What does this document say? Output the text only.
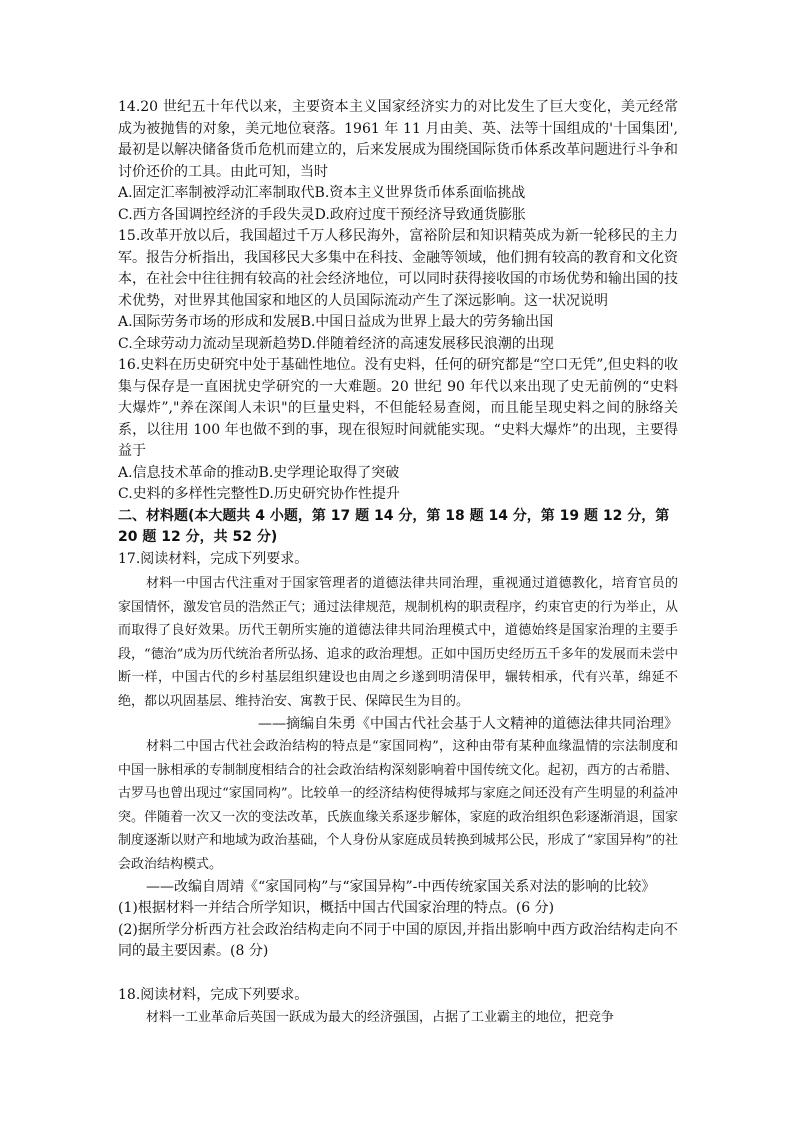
14.20 世纪五十年代以来，主要资本主义国家经济实力的对比发生了巨大变化，美元经常成为被抛售的对象，美元地位衰落。1961 年 11 月由美、英、法等十国组成的'十国集团',最初是以解决储备货币危机而建立的，后来发展成为围绕国际货币体系改革问题进行斗争和讨价还价的工具。由此可知，当时

A.固定汇率制被浮动汇率制取代B.资本主义世界货币体系面临挑战

C.西方各国调控经济的手段失灵D.政府过度干预经济导致通货膨胀

15.改革开放以后，我国超过千万人移民海外，富裕阶层和知识精英成为新一轮移民的主力军。报告分析指出，我国移民大多集中在科技、金融等领域，他们拥有较高的教育和文化资本，在社会中往往拥有较高的社会经济地位，可以同时获得接收国的市场优势和输出国的技术优势，对世界其他国家和地区的人员国际流动产生了深远影响。这一状况说明

A.国际劳务市场的形成和发展B.中国日益成为世界上最大的劳务输出国

C.全球劳动力流动呈现新趋势D.伴随着经济的高速发展移民浪潮的出现

16.史料在历史研究中处于基础性地位。没有史料，任何的研究都是“空口无凭”,但史料的收集与保存是一直困扰史学研究的一大难题。20 世纪 90 年代以来出现了史无前例的“史料大爆炸”,"养在深闺人未识"的巨量史料，不但能轻易查阅，而且能呈现史料之间的脉络关系，以往用 100 年也做不到的事，现在很短时间就能实现。“史料大爆炸”的出现，主要得益于

A.信息技术革命的推动B.史学理论取得了突破

C.史料的多样性完整性D.历史研究协作性提升

二、材料题(本大题共 4 小题，第 17 题 14 分，第 18 题 14 分，第 19 题 12 分，第 20 题 12 分，共 52 分)

17.阅读材料，完成下列要求。

材料一中国古代注重对于国家管理者的道德法律共同治理，重视通过道德教化，培育官员的家国情怀，激发官员的浩然正气；通过法律规范，规制机构的职责程序，约束官吏的行为举止，从而取得了良好效果。历代王朝所实施的道德法律共同治理模式中，道德始终是国家治理的主要手段，“德治”成为历代统治者所弘扬、追求的政治理想。正如中国历史经历五千多年的发展而未尝中断一样，中国古代的乡村基层组织建设也由周之乡遂到明清保甲，辗转相承，代有兴革，绵延不绝，都以巩固基层、维持治安、寓教于民、保障民生为目的。

——摘编自朱勇《中国古代社会基于人文精神的道德法律共同治理》

材料二中国古代社会政治结构的特点是“家国同构”，这种由带有某种血缘温情的宗法制度和中国一脉相承的专制制度相结合的社会政治结构深刻影响着中国传统文化。起初，西方的古希腊、古罗马也曾出现过“家国同构”。比较单一的经济结构使得城邦与家庭之间还没有产生明显的利益冲突。伴随着一次又一次的变法改革，氏族血缘关系逐步解体，家庭的政治组织色彩逐渐消退，国家制度逐渐以财产和地域为政治基础，个人身份从家庭成员转换到城邦公民，形成了“家国异构”的社会政治结构模式。

——改编自周靖《“家国同构”与“家国异构”-中西传统家国关系对法的影响的比较》

(1)根据材料一并结合所学知识，概括中国古代国家治理的特点。(6 分)

(2)据所学分析西方社会政治结构走向不同于中国的原因,并指出影响中西方政治结构走向不同的最主要因素。(8 分)

18.阅读材料，完成下列要求。

材料一工业革命后英国一跃成为最大的经济强国，占据了工业霸主的地位，把竞争
